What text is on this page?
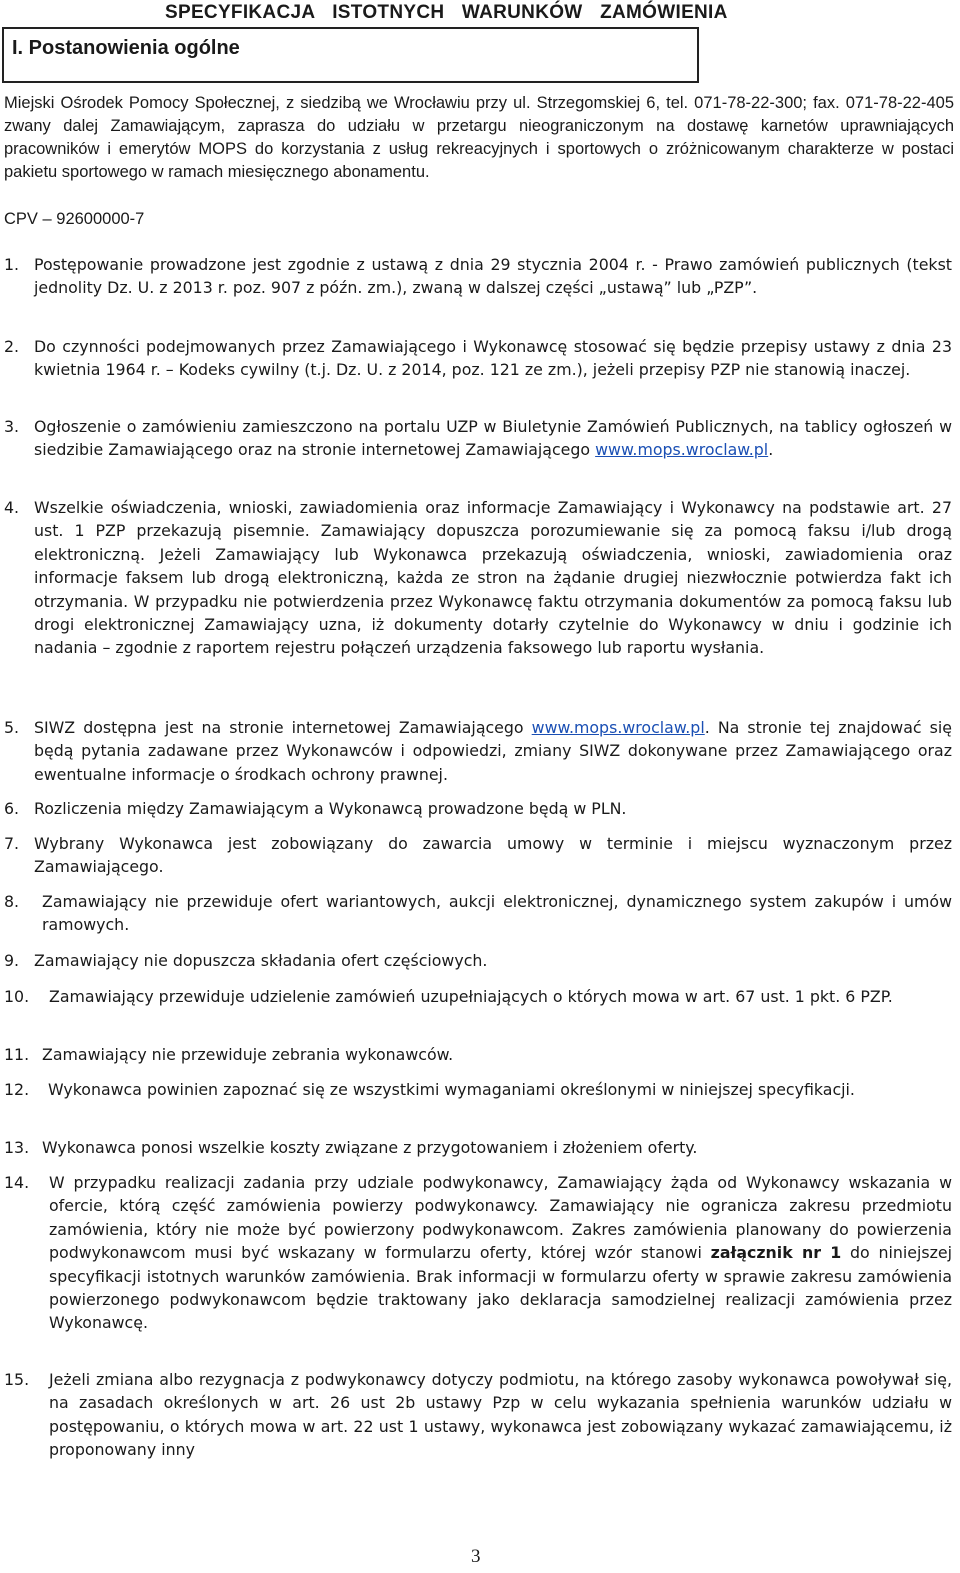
SPECYFIKACJA ISTOTNYCH WARUNKÓW ZAMÓWIENIA
I. Postanowienia ogólne

Miejski Ośrodek Pomocy Społecznej, z siedzibą we Wrocławiu przy ul. Strzegomskiej 6, tel. 071-78-22-300; fax. 071-78-22-405 zwany dalej Zamawiającym, zaprasza do udziału w przetargu nieograniczonym na dostawę karnetów uprawniających pracowników i emerytów MOPS do korzystania z usług rekreacyjnych i sportowych o zróżnicowanym charakterze w postaci pakietu sportowego w ramach miesięcznego abonamentu.

CPV – 92600000-7
1. Postępowanie prowadzone jest zgodnie z ustawą z dnia 29 stycznia 2004 r. - Prawo zamówień publicznych (tekst jednolity Dz. U. z 2013 r. poz. 907 z późn. zm.), zwaną w dalszej części „ustawą” lub „PZP”.
2. Do czynności podejmowanych przez Zamawiającego i Wykonawcę stosować się będzie przepisy ustawy z dnia 23 kwietnia 1964 r. – Kodeks cywilny (t.j. Dz. U. z 2014, poz. 121 ze zm.), jeżeli przepisy PZP nie stanowią inaczej.
3. Ogłoszenie o zamówieniu zamieszczono na portalu UZP w Biuletynie Zamówień Publicznych, na tablicy ogłoszeń w siedzibie Zamawiającego oraz na stronie internetowej Zamawiającego www.mops.wroclaw.pl.
4. Wszelkie oświadczenia, wnioski, zawiadomienia oraz informacje Zamawiający i Wykonawcy na podstawie art. 27 ust. 1 PZP przekazują pisemnie. Zamawiający dopuszcza porozumiewanie się za pomocą faksu i/lub drogą elektroniczną. Jeżeli Zamawiający lub Wykonawca przekazują oświadczenia, wnioski, zawiadomienia oraz informacje faksem lub drogą elektroniczną, każda ze stron na żądanie drugiej niezwłocznie potwierdza fakt ich otrzymania. W przypadku nie potwierdzenia przez Wykonawcę faktu otrzymania dokumentów za pomocą faksu lub drogi elektronicznej Zamawiający uzna, iż dokumenty dotarły czytelnie do Wykonawcy w dniu i godzinie ich nadania – zgodnie z raportem rejestru połączeń urządzenia faksowego lub raportu wysłania.
5. SIWZ dostępna jest na stronie internetowej Zamawiającego www.mops.wroclaw.pl. Na stronie tej znajdować się będą pytania zadawane przez Wykonawców i odpowiedzi, zmiany SIWZ dokonywane przez Zamawiającego oraz ewentualne informacje o środkach ochrony prawnej.
6. Rozliczenia między Zamawiającym a Wykonawcą prowadzone będą w PLN.
7. Wybrany Wykonawca jest zobowiązany do zawarcia umowy w terminie i miejscu wyznaczonym przez Zamawiającego.
8.	Zamawiający nie przewiduje ofert wariantowych, aukcji elektronicznej, dynamicznego system zakupów i umów ramowych.
9. Zamawiający nie dopuszcza składania ofert częściowych.
10.	Zamawiający przewiduje udzielenie zamówień uzupełniających o których mowa w art. 67 ust. 1 pkt. 6 PZP.
11. Zamawiający nie przewiduje zebrania wykonawców.
12.	Wykonawca powinien zapoznać się ze wszystkimi wymaganiami określonymi w niniejszej specyfikacji.
13. Wykonawca ponosi wszelkie koszty związane z przygotowaniem i złożeniem oferty.
14.	W przypadku realizacji zadania przy udziale podwykonawcy, Zamawiający żąda od Wykonawcy wskazania w ofercie, którą część zamówienia powierzy podwykonawcy. Zamawiający nie ogranicza zakresu przedmiotu zamówienia, który nie może być powierzony podwykonawcom. Zakres zamówienia planowany do powierzenia podwykonawcom musi być wskazany w formularzu oferty, której wzór stanowi załącznik nr 1 do niniejszej specyfikacji istotnych warunków zamówienia. Brak informacji w formularzu oferty w sprawie zakresu zamówienia powierzonego podwykonawcom będzie traktowany jako deklaracja samodzielnej realizacji zamówienia przez Wykonawcę.
15.	Jeżeli zmiana albo rezygnacja z podwykonawcy dotyczy podmiotu, na którego zasoby wykonawca powoływał się, na zasadach określonych w art. 26 ust 2b ustawy Pzp w celu wykazania spełnienia warunków udziału w postępowaniu, o których mowa w art. 22 ust 1 ustawy, wykonawca jest zobowiązany wykazać zamawiającemu, iż proponowany inny
3
